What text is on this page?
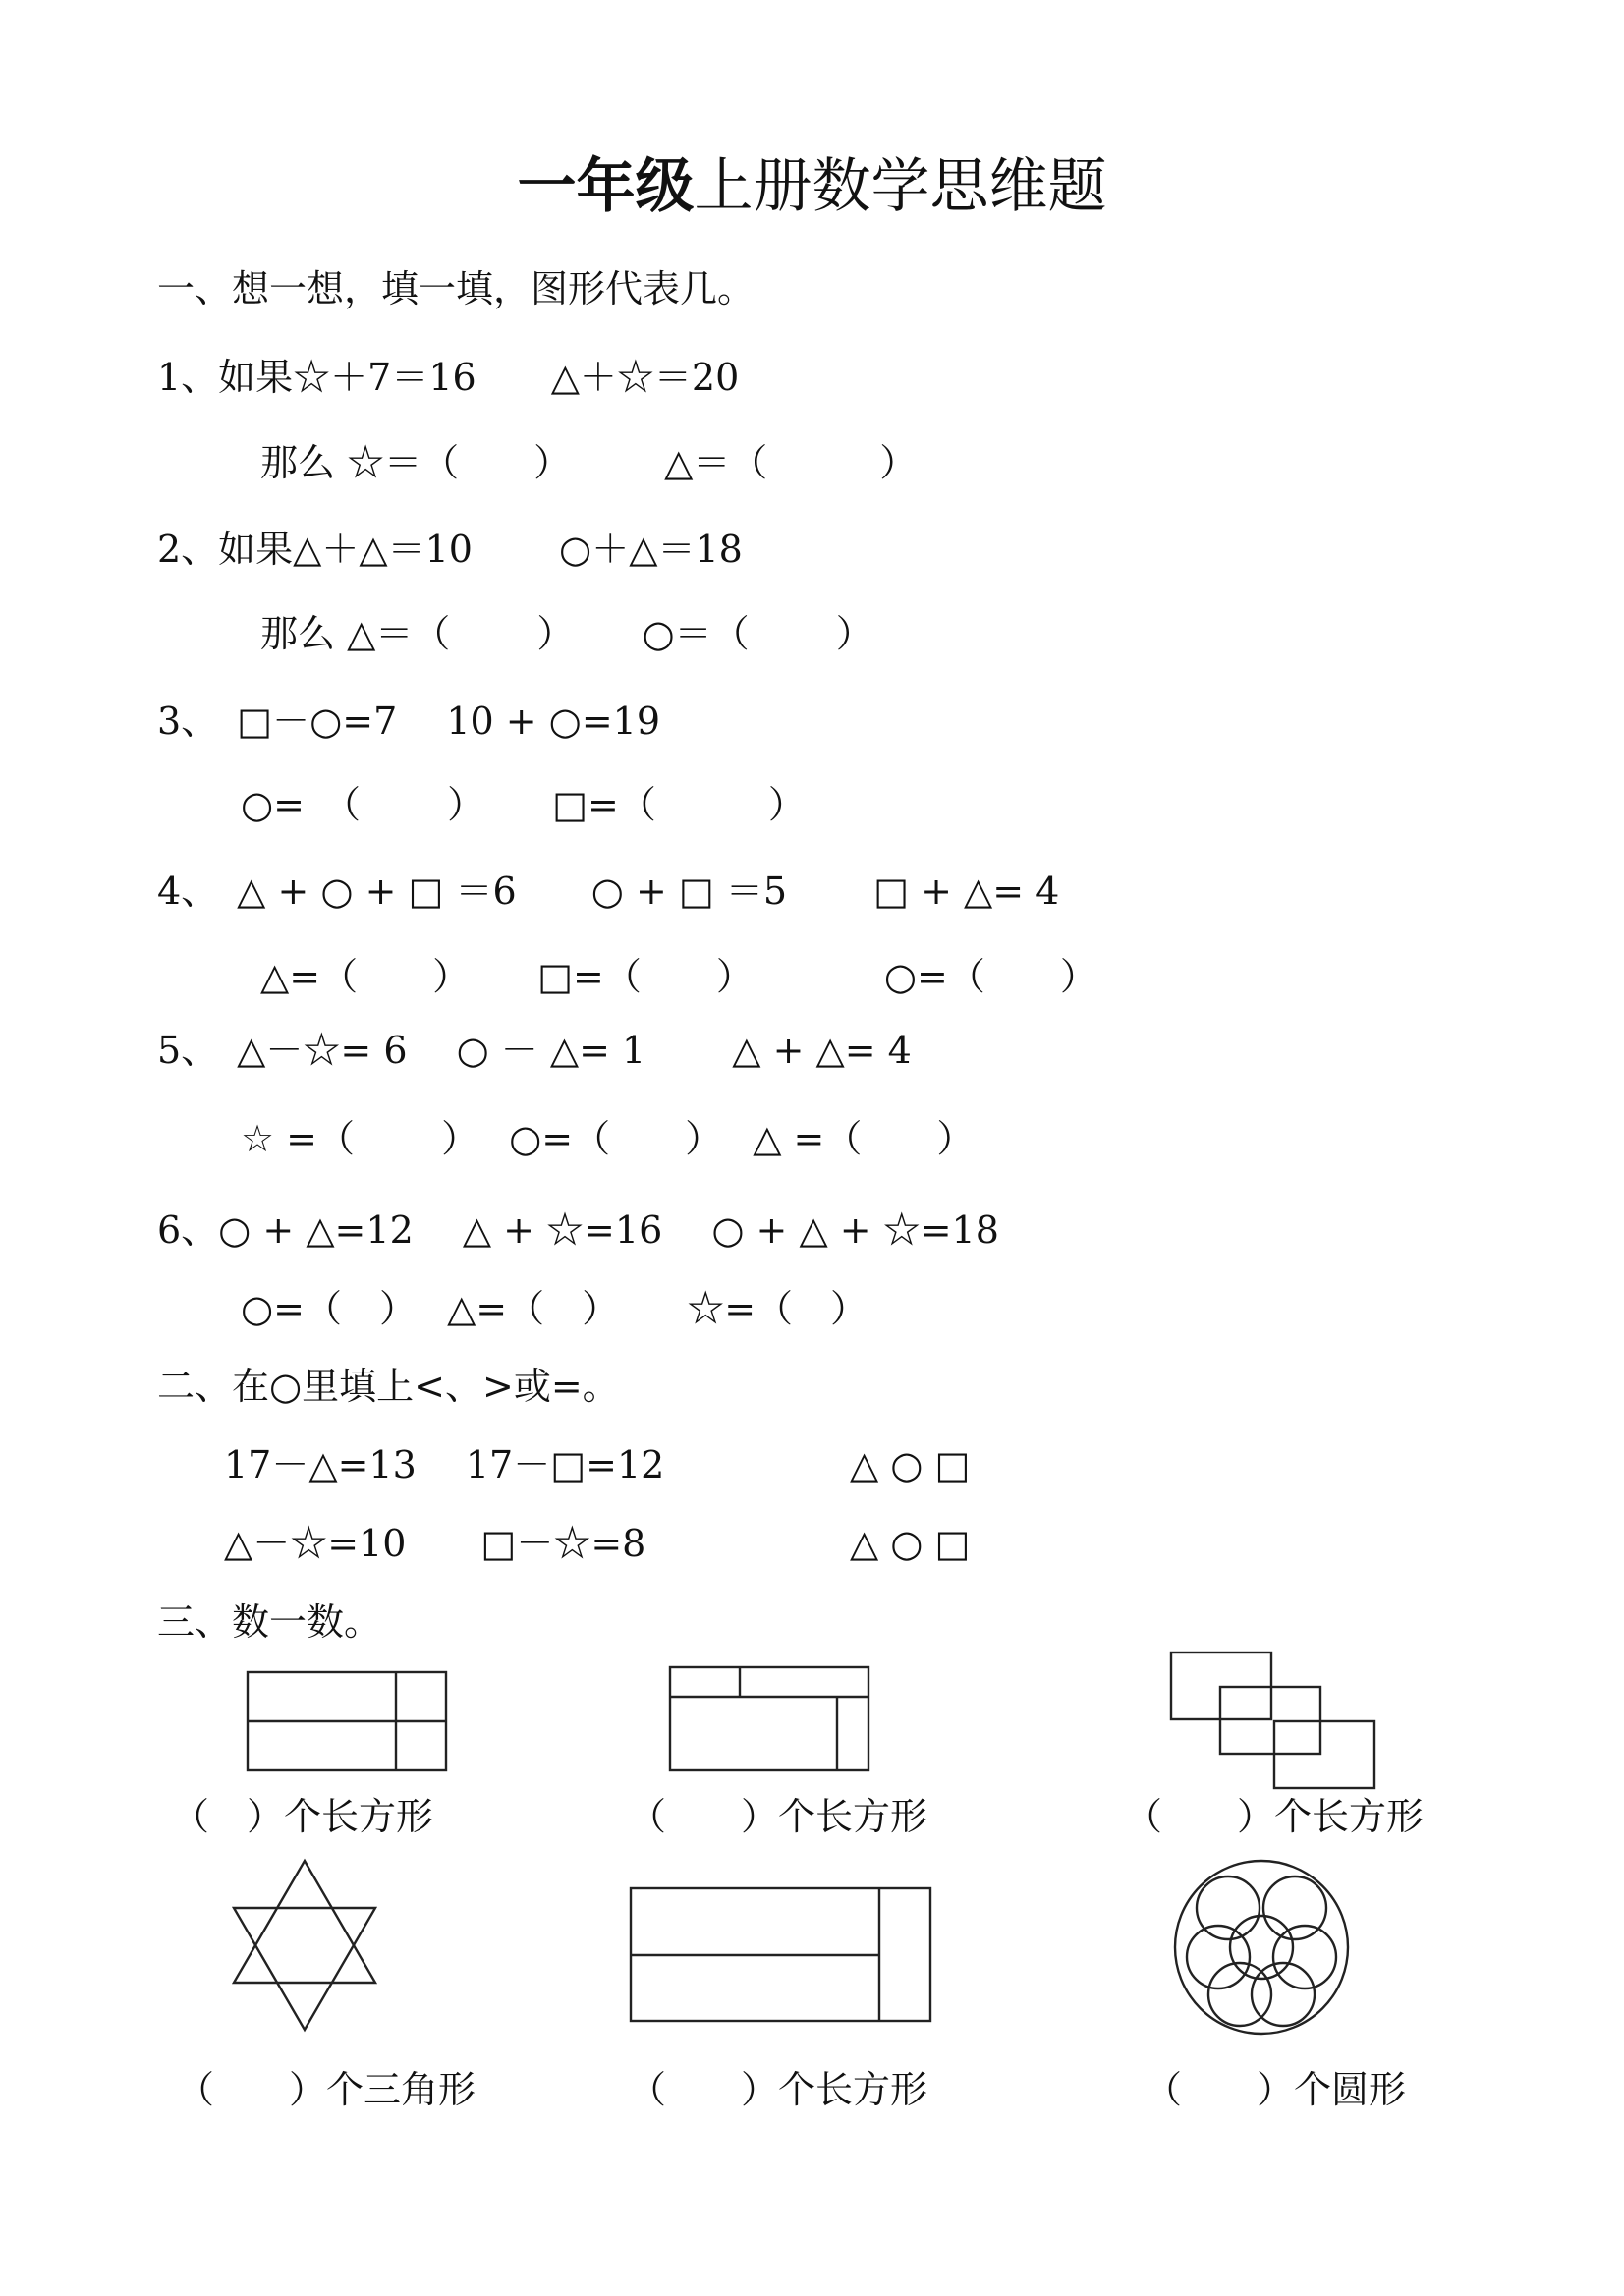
一年级上册数学思维题
一、想一想，填一填，图形代表几。
1、如果☆＋7＝16　　△＋☆＝20
那么 ☆＝（　　）　　　△＝（　　　）
2、如果△＋△＝10　　 ○＋△＝18
那么 △＝（　　 ）　　 ○＝（　　 ）
3、　□－○=7　 10 + ○=19
○=　（　　 ）　　 □=（　　　）
4、　△ + ○ + □ ＝6　　○ + □ ＝5　　 □ + △= 4
△=（　　）　　 □=（　　）　　　　○=（　　）
5、　△－☆= 6　 ○ － △= 1　　 △ + △= 4
☆ =（　　 ）　 ○=（　　）　 △ =（　　）
6、○ + △=12　 △ + ☆=16　 ○ + △ + ☆=18
○=（　）　 △=（　）　　 ☆=（　）
二、在○里填上<、>或=。
17－△=13　 17－□=12	△ ○ □
△－☆=10　　□－☆=8	△ ○ □
三、数一数。
（　）个长方形	（　　）个长方形	（　　）个长方形
（　　）个三角形	（　　）个长方形	（　　）个圆形
